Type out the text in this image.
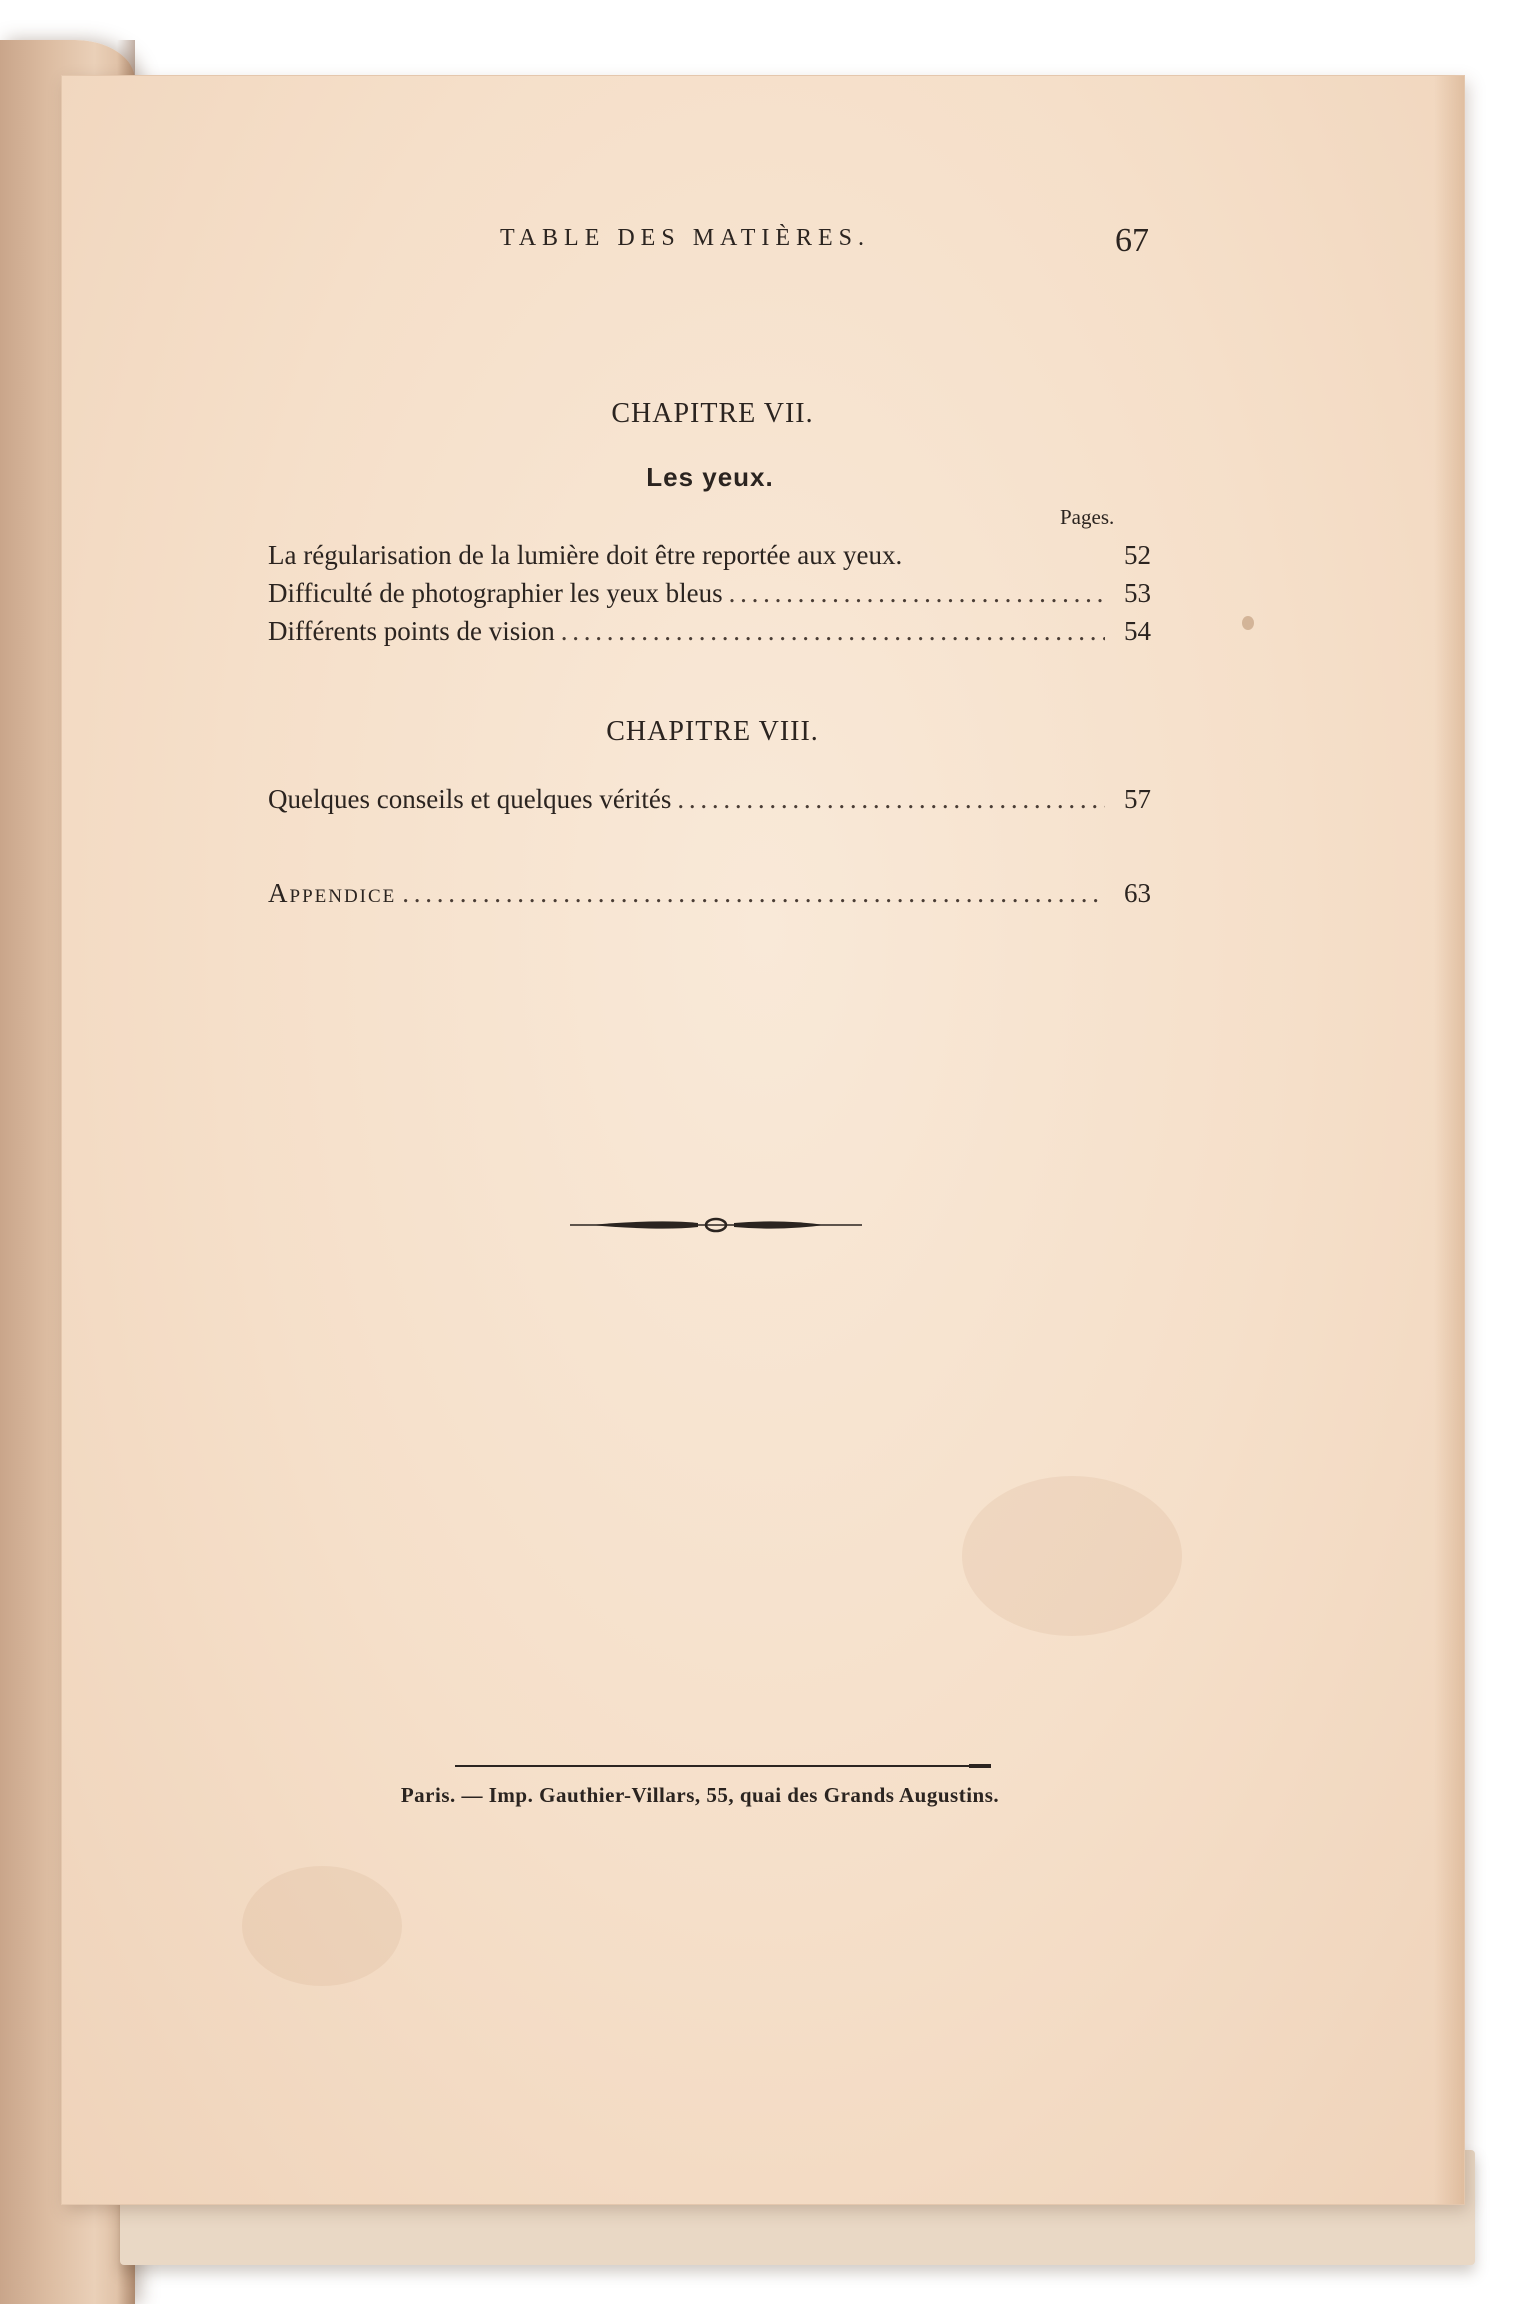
TABLE DES MATIÈRES.	67
CHAPITRE VII.
Les yeux.
Pages.
La régularisation de la lumière doit être reportée aux yeux.	52
Difficulté de photographier les yeux bleus . . .	53
Différents points de vision . . .	54
CHAPITRE VIII.
Quelques conseils et quelques vérités . . .	57
Appendice . . .	63
Paris. — Imp. Gauthier-Villars, 55, quai des Grands Augustins.
